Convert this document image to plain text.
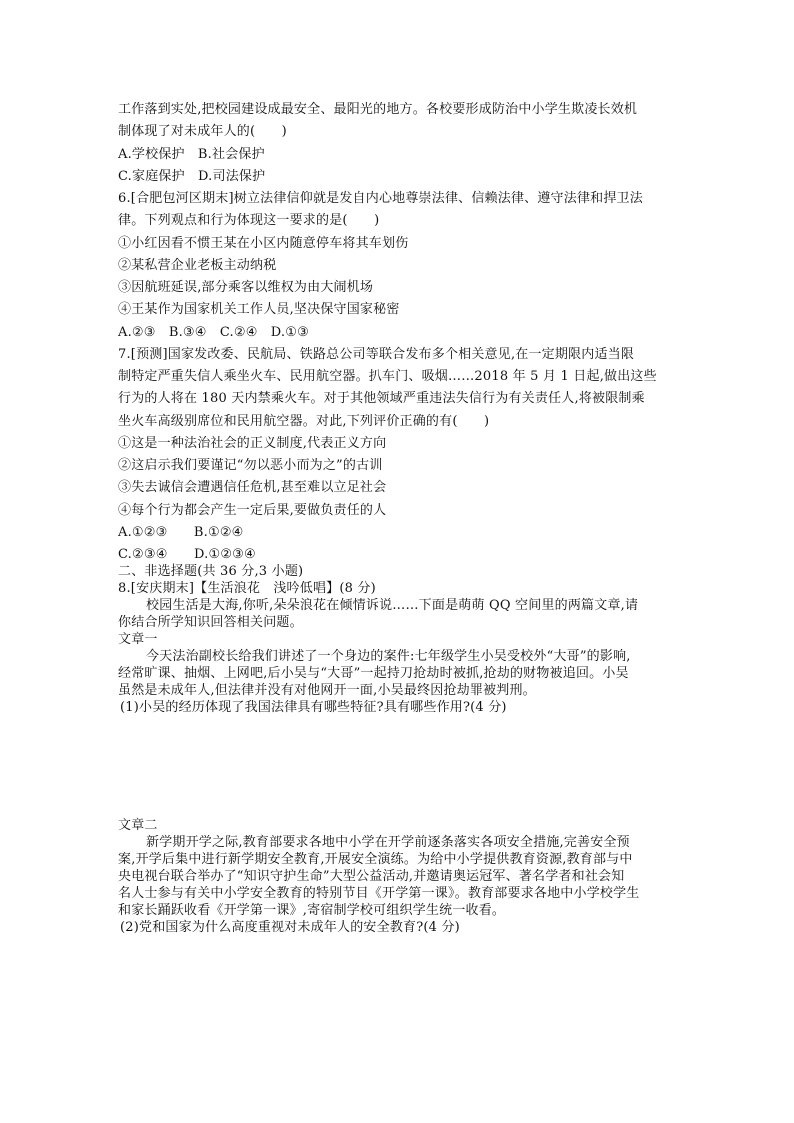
工作落到实处,把校园建设成最安全、最阳光的地方。各校要形成防治中小学生欺凌长效机
制体现了对未成年人的(　　)
A.学校保护　B.社会保护
C.家庭保护　D.司法保护
6.[合肥包河区期末]树立法律信仰就是发自内心地尊崇法律、信赖法律、遵守法律和捍卫法
律。下列观点和行为体现这一要求的是(　　)
①小红因看不惯王某在小区内随意停车将其车划伤
②某私营企业老板主动纳税
③因航班延误,部分乘客以维权为由大闹机场
④王某作为国家机关工作人员,坚决保守国家秘密
A.②③　B.③④　C.②④　D.①③
7.[预测]国家发改委、民航局、铁路总公司等联合发布多个相关意见,在一定期限内适当限
制特定严重失信人乘坐火车、民用航空器。扒车门、吸烟……2018 年 5 月 1 日起,做出这些
行为的人将在 180 天内禁乘火车。对于其他领域严重违法失信行为有关责任人,将被限制乘
坐火车高级别席位和民用航空器。对此,下列评价正确的有(　　)
①这是一种法治社会的正义制度,代表正义方向
②这启示我们要谨记“勿以恶小而为之”的古训
③失去诚信会遭遇信任危机,甚至难以立足社会
④每个行为都会产生一定后果,要做负责任的人
A.①②③　　B.①②④
C.②③④　　D.①②③④
二、非选择题(共 36 分,3 小题)
8.[安庆期末]【生活浪花　浅吟低唱】(8 分)
校园生活是大海,你听,朵朵浪花在倾情诉说……下面是萌萌 QQ 空间里的两篇文章,请
你结合所学知识回答相关问题。
文章一
今天法治副校长给我们讲述了一个身边的案件:七年级学生小吴受校外“大哥”的影响,
经常旷课、抽烟、上网吧,后小吴与“大哥”一起持刀抢劫时被抓,抢劫的财物被追回。小吴
虽然是未成年人,但法律并没有对他网开一面,小吴最终因抢劫罪被判刑。
(1)小吴的经历体现了我国法律具有哪些特征?具有哪些作用?(4 分)
文章二
新学期开学之际,教育部要求各地中小学在开学前逐条落实各项安全措施,完善安全预
案,开学后集中进行新学期安全教育,开展安全演练。为给中小学提供教育资源,教育部与中
央电视台联合举办了“知识守护生命”大型公益活动,并邀请奥运冠军、著名学者和社会知
名人士参与有关中小学安全教育的特别节目《开学第一课》。教育部要求各地中小学校学生
和家长踊跃收看《开学第一课》,寄宿制学校可组织学生统一收看。
(2)党和国家为什么高度重视对未成年人的安全教育?(4 分)
